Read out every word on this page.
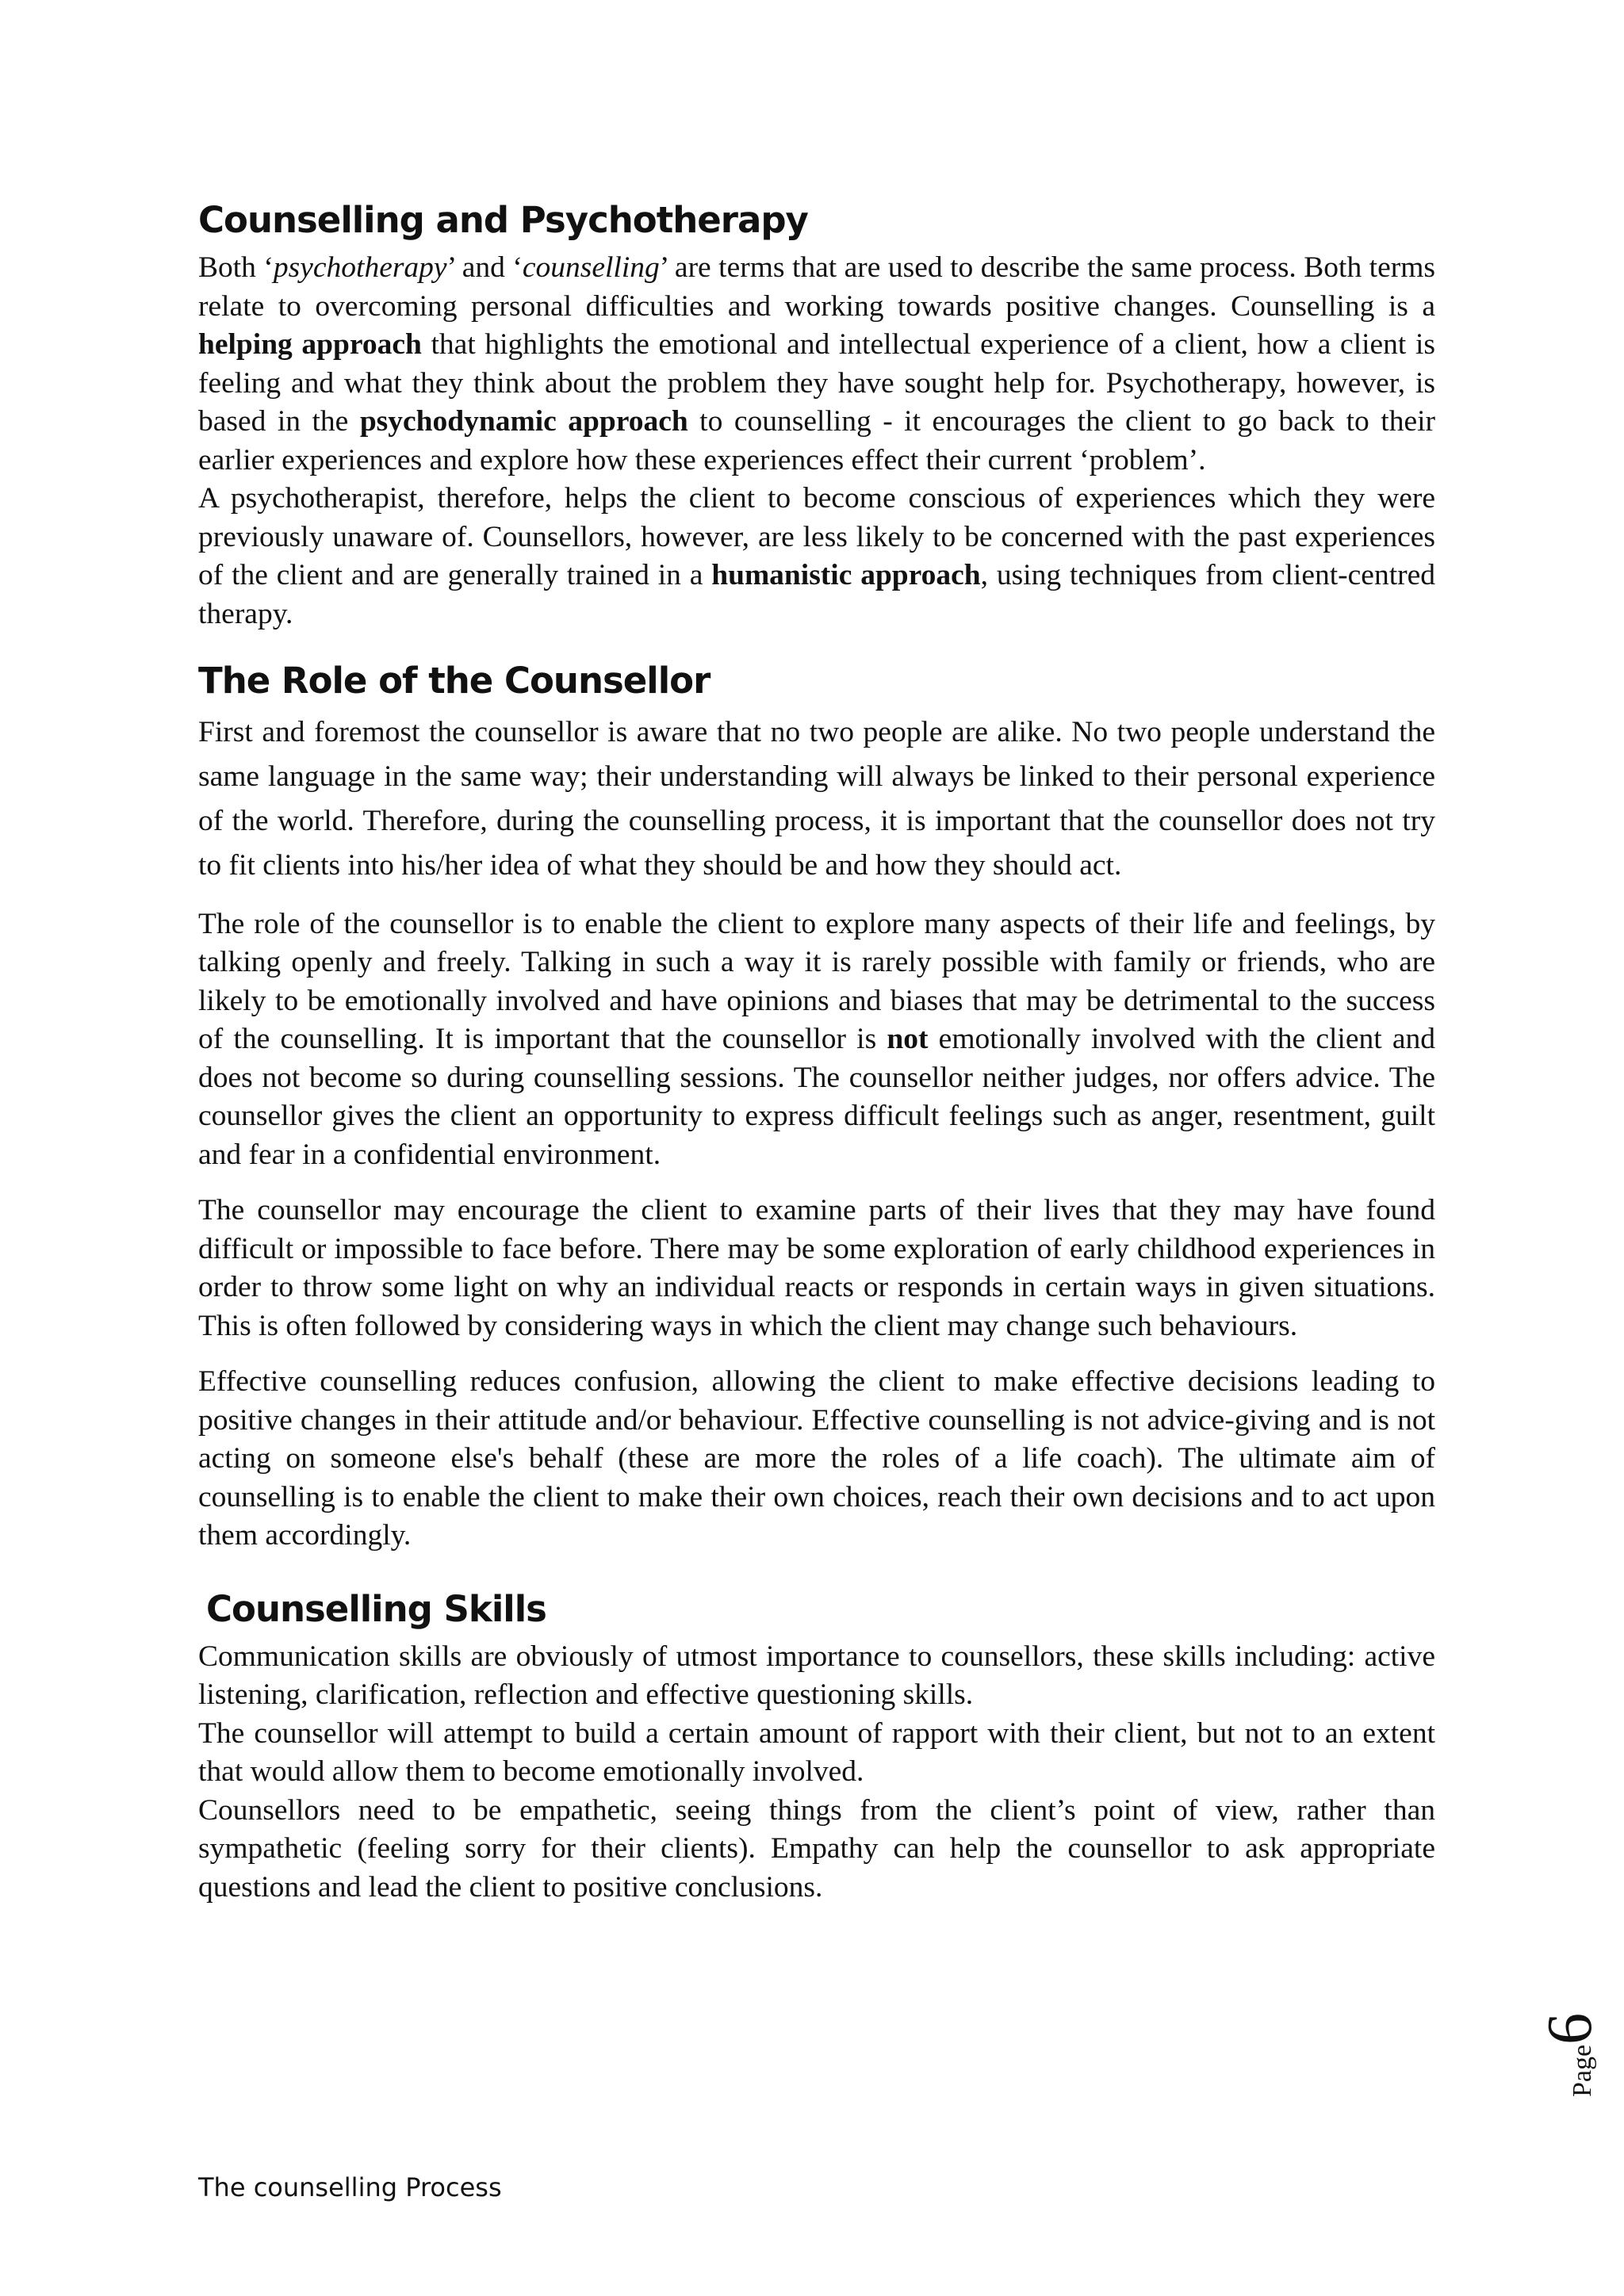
Counselling and Psychotherapy

Both ‘psychotherapy’ and ‘counselling’ are terms that are used to describe the same process. Both terms relate to overcoming personal difficulties and working towards positive changes. Counselling is a helping approach that highlights the emotional and intellectual experience of a client, how a client is feeling and what they think about the problem they have sought help for. Psychotherapy, however, is based in the psychodynamic approach to counselling - it encourages the client to go back to their earlier experiences and explore how these experiences effect their current ‘problem’.

A psychotherapist, therefore, helps the client to become conscious of experiences which they were previously unaware of. Counsellors, however, are less likely to be concerned with the past experiences of the client and are generally trained in a humanistic approach, using techniques from client-centred therapy.

The Role of the Counsellor

First and foremost the counsellor is aware that no two people are alike. No two people understand the same language in the same way; their understanding will always be linked to their personal experience of the world. Therefore, during the counselling process, it is important that the counsellor does not try to fit clients into his/her idea of what they should be and how they should act.

The role of the counsellor is to enable the client to explore many aspects of their life and feelings, by talking openly and freely. Talking in such a way it is rarely possible with family or friends, who are likely to be emotionally involved and have opinions and biases that may be detrimental to the success of the counselling. It is important that the counsellor is not emotionally involved with the client and does not become so during counselling sessions. The counsellor neither judges, nor offers advice. The counsellor gives the client an opportunity to express difficult feelings such as anger, resentment, guilt and fear in a confidential environment.

The counsellor may encourage the client to examine parts of their lives that they may have found difficult or impossible to face before. There may be some exploration of early childhood experiences in order to throw some light on why an individual reacts or responds in certain ways in given situations. This is often followed by considering ways in which the client may change such behaviours.

Effective counselling reduces confusion, allowing the client to make effective decisions leading to positive changes in their attitude and/or behaviour. Effective counselling is not advice-giving and is not acting on someone else's behalf (these are more the roles of a life coach). The ultimate aim of counselling is to enable the client to make their own choices, reach their own decisions and to act upon them accordingly.

Counselling Skills

Communication skills are obviously of utmost importance to counsellors, these skills including: active listening, clarification, reflection and effective questioning skills.

The counsellor will attempt to build a certain amount of rapport with their client, but not to an extent that would allow them to become emotionally involved.

Counsellors need to be empathetic, seeing things from the client’s point of view, rather than sympathetic (feeling sorry for their clients). Empathy can help the counsellor to ask appropriate questions and lead the client to positive conclusions.

Page6
The counselling Process
